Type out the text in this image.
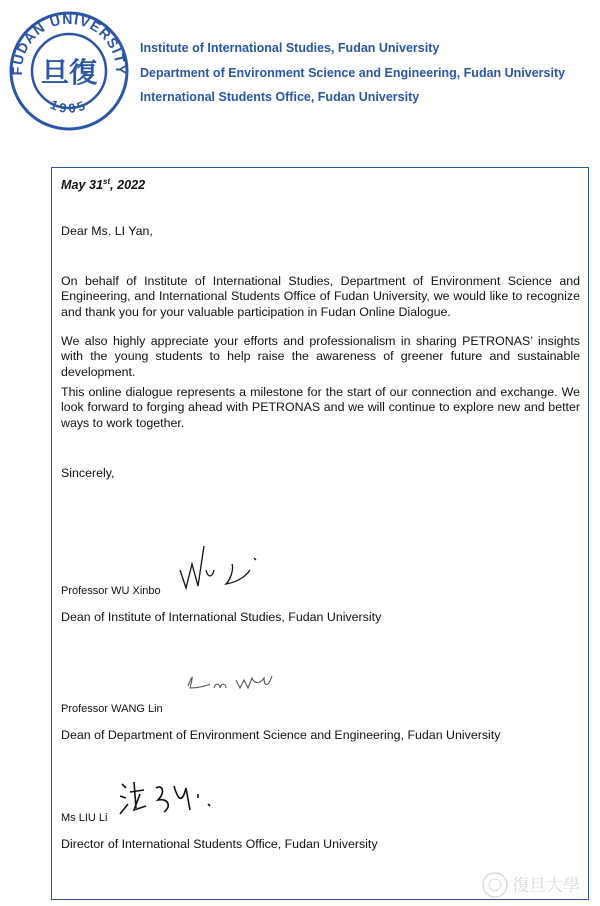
FUDAN UNIVERSITY
1905
旦復
Institute of International Studies, Fudan University
Department of Environment Science and Engineering, Fudan University
International Students Office, Fudan University
May 31st, 2022
Dear Ms. LI Yan,
On behalf of Institute of International Studies, Department of Environment Science and Engineering, and International Students Office of Fudan University, we would like to recognize and thank you for your valuable participation in Fudan Online Dialogue.
We also highly appreciate your efforts and professionalism in sharing PETRONAS’ insights with the young students to help raise the awareness of greener future and sustainable development.
This online dialogue represents a milestone for the start of our connection and exchange. We look forward to forging ahead with PETRONAS and we will continue to explore new and better ways to work together.
Sincerely,
Professor WU Xinbo
Dean of Institute of International Studies, Fudan University
Professor WANG Lin
Dean of Department of Environment Science and Engineering, Fudan University
Ms LIU Li
Director of International Students Office, Fudan University
復旦大學
